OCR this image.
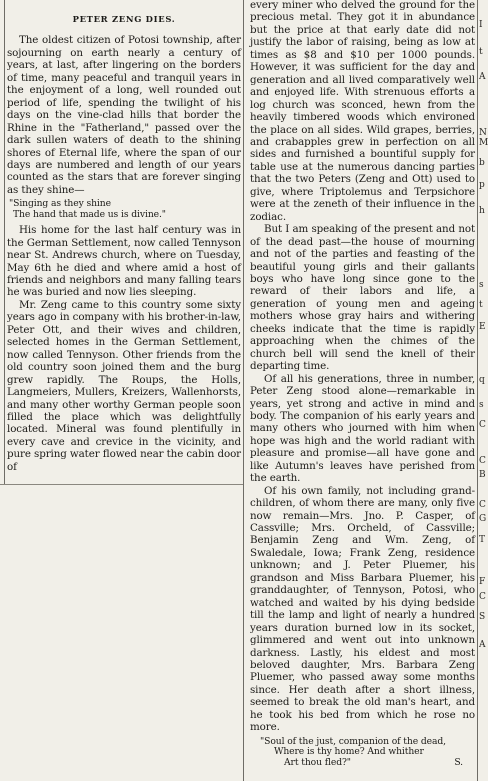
PETER ZENG DIES.

The oldest citizen of Potosi township, after sojourning on earth nearly a century of years, at last, after lingering on the borders of time, many peaceful and tranquil years in the enjoyment of a long, well rounded out period of life, spending the twilight of his days on the vine-clad hills that border the Rhine in the "Fatherland," passed over the dark sullen waters of death to the shining shores of Eternal life, where the span of our days are numbered and length of our years counted as the stars that are forever singing as they shine—

"Singing as they shine
The hand that made us is divine."

His home for the last half century was in the German Settlement, now called Tennyson near St. Andrews church, where on Tuesday, May 6th he died and where amid a host of friends and neighbors and many falling tears he was buried and now lies sleeping.

Mr. Zeng came to this country some sixty years ago in company with his brother-in-law, Peter Ott, and their wives and children, selected homes in the German Settlement, now called Tennyson. Other friends from the old country soon joined them and the burg grew rapidly. The Roups, the Holls, Langmeiers, Mullers, Kreizers, Wallenhorsts, and many other worthy German people soon filled the place which was delightfully located. Mineral was found plentifully in every cave and crevice in the vicinity, and pure spring water flowed near the cabin door of

every miner who delved the ground for the precious metal. They got it in abundance but the price at that early date did not justify the labor of raising, being as low at times as $8 and $10 per 1000 pounds. However, it was sufficient for the day and generation and all lived comparatively well and enjoyed life. With strenuous efforts a log church was sconced, hewn from the heavily timbered woods which environed the place on all sides. Wild grapes, berries, and crabapples grew in perfection on all sides and furnished a bountiful supply for table use at the numerous dancing parties that the two Peters (Zeng and Ott) used to give, where Triptolemus and Terpsichore were at the zeneth of their influence in the zodiac.

But I am speaking of the present and not of the dead past—the house of mourning and not of the parties and feasting of the beautiful young girls and their gallants boys who have long since gone to the reward of their labors and life, a generation of young men and ageing mothers whose gray hairs and withering cheeks indicate that the time is rapidly approaching when the chimes of the church bell will send the knell of their departing time.

Of all his generations, three in number, Peter Zeng stood alone—remarkable in years, yet strong and active in mind and body. The companion of his early years and many others who journed with him when hope was high and the world radiant with pleasure and promise—all have gone and like Autumn's leaves have perished from the earth.

Of his own family, not including grand-children, of whom there are many, only five now remain—Mrs. Jno. P. Casper, of Cassville; Mrs. Orcheld, of Cassville; Benjamin Zeng and Wm. Zeng, of Swaledale, Iowa; Frank Zeng, residence unknown; and J. Peter Pluemer, his grandson and Miss Barbara Pluemer, his granddaughter, of Tennyson, Potosi, who watched and waited by his dying bedside till the lamp and light of nearly a hundred years duration burned low in its socket, glimmered and went out into unknown darkness. Lastly, his eldest and most beloved daughter, Mrs. Barbara Zeng Pluemer, who passed away some months since. Her death after a short illness, seemed to break the old man's heart, and he took his bed from which he rose no more.

"Soul of the just, companion of the dead,
Where is thy home? And whither
Art thou fled?"	S.
I
t
A
N
M
b
p
h
s
t
E
q
s
C
C
B
C
G
T
F
C
S
A
